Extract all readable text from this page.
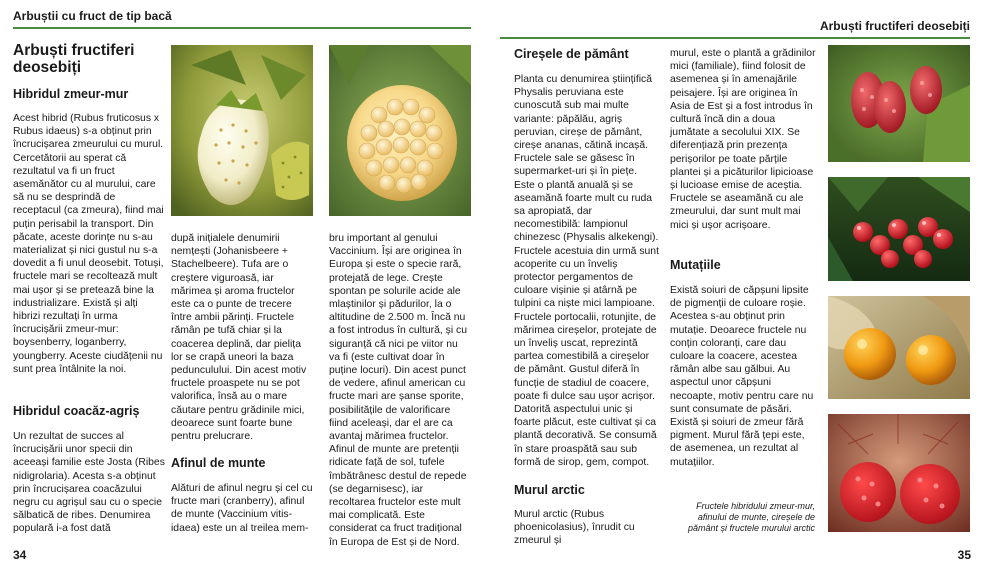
Arbuștii cu fruct de tip bacă
Arbuști fructiferi deosebiți
Hibridul zmeur-mur
Acest hibrid (Rubus fruticosus x Rubus idaeus) s-a obținut prin încrucișarea zmeurului cu murul. Cercetătorii au sperat că rezultatul va fi un fruct asemănător cu al murului, care să nu se desprindă de receptacul (ca zmeura), fiind mai puțin perisabil la transport. Din păcate, aceste dorințe nu s-au materializat și nici gustul nu s-a dovedit a fi unul deosebit. Totuși, fructele mari se recoltează mult mai ușor și se pretează bine la industrializare. Există și alți hibrizi rezultați în urma încrucișării zmeur-mur: boysenberry, loganberry, youngberry. Aceste ciudățenii nu sunt prea întâlnite la noi.
Hibridul coacăz-agriș
Un rezultat de succes al încrucișării unor specii din aceeași familie este Josta (Ribes nidigrolaria). Acesta s-a obținut prin încrucișarea coacăzului negru cu agrișul sau cu o specie sălbatică de ribes. Denumirea populară i-a fost dată
după inițialele denumirii nemțești (Johanisbeere + Stachelbeere). Tufa are o creștere viguroasă, iar mărimea și aroma fructelor este ca o punte de trecere între ambii părinți. Fructele rămân pe tufă chiar și la coacerea deplină, dar pielița lor se crapă uneori la baza pedunculului. Din acest motiv fructele proaspete nu se pot valorifica, însă au o mare căutare pentru grădinile mici, deoarece sunt foarte bune pentru prelucrare.
Afinul de munte
Alături de afinul negru și cel cu fructe mari (cranberry), afinul de munte (Vaccinium vitis-idaea) este un al treilea mem-
bru important al genului Vaccinium. Își are originea în Europa și este o specie rară, protejată de lege. Crește spontan pe solurile acide ale mlaștinilor și pădurilor, la o altitudine de 2.500 m. Încă nu a fost introdus în cultură, și cu siguranță că nici pe viitor nu va fi (este cultivat doar în puține locuri). Din acest punct de vedere, afinul american cu fructe mari are șanse sporite, posibilitățile de valorificare fiind aceleași, dar el are ca avantaj mărimea fructelor. Afinul de munte are pretenții ridicate față de sol, tufele îmbătrânesc destul de repede (se degarnisesc), iar recoltarea fructelor este mult mai complicată. Este considerat ca fruct tradițional în Europa de Est și de Nord.
34
Arbuști fructiferi deosebiți
Cireșele de pământ
Planta cu denumirea științifică Physalis peruviana este cunoscută sub mai multe variante: păpălău, agriș peruvian, cireșe de pământ, cireșe ananas, cătină incașă. Fructele sale se găsesc în supermarket-uri și în piețe. Este o plantă anuală și se aseamănă foarte mult cu ruda sa apropiată, dar necomestibilă: lampionul chinezesc (Physalis alkekengi). Fructele acestuia din urmă sunt acoperite cu un înveliș protector pergamentos de culoare vișinie și atârnă pe tulpini ca niște mici lampioane. Fructele portocalii, rotunjite, de mărimea cireșelor, protejate de un înveliș uscat, reprezintă partea comestibilă a cireșelor de pământ. Gustul diferă în funcție de stadiul de coacere, poate fi dulce sau ușor acrișor. Datorită aspectului unic și foarte plăcut, este cultivat și ca plantă decorativă. Se consumă în stare proaspătă sau sub formă de sirop, gem, compot.
Murul arctic
Murul arctic (Rubus phoenicolasius), înrudit cu zmeurul și
murul, este o plantă a grădinilor mici (familiale), fiind folosit de asemenea și în amenajările peisajere. Își are originea în Asia de Est și a fost introdus în cultură încă din a doua jumătate a secolului XIX. Se diferențiază prin prezența perișorilor pe toate părțile plantei și a picăturilor lipicioase și lucioase emise de aceștia. Fructele se aseamănă cu ale zmeurului, dar sunt mult mai mici și ușor acrișoare.
Mutațiile
Există soiuri de căpșuni lipsite de pigmenții de culoare roșie. Acestea s-au obținut prin mutație. Deoarece fructele nu conțin coloranți, care dau culoare la coacere, acestea rămân albe sau gălbui. Au aspectul unor căpșuni necoapte, motiv pentru care nu sunt consumate de păsări. Există și soiuri de zmeur fără pigment. Murul fără țepi este, de asemenea, un rezultat al mutațiilor.
Fructele hibridului zmeur-mur, afinului de munte, cireșele de pământ și fructele murului arctic
35
